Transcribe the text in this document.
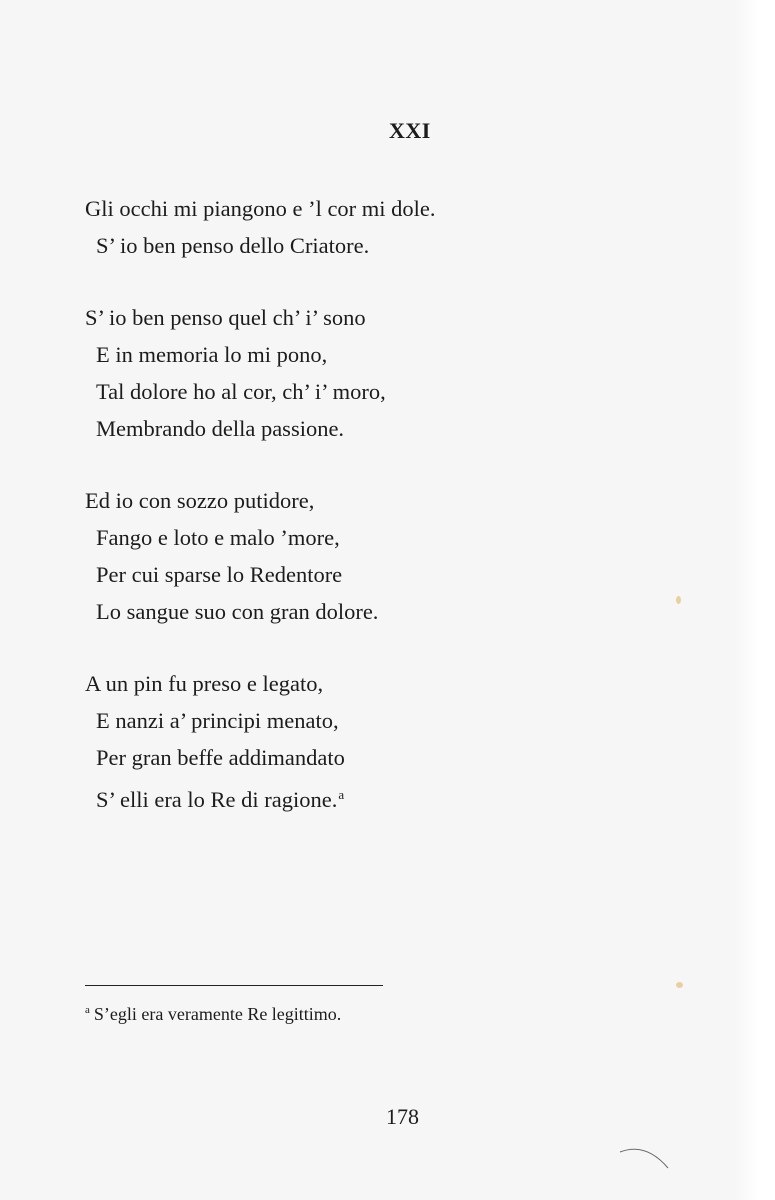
XXI
Gli occhi mi piangono e ’l cor mi dole.
S’ io ben penso dello Criatore.
S’ io ben penso quel ch’ i’ sono
E in memoria lo mi pono,
Tal dolore ho al cor, ch’ i’ moro,
Membrando della passione.
Ed io con sozzo putidore,
Fango e loto e malo ’more,
Per cui sparse lo Redentore
Lo sangue suo con gran dolore.
A un pin fu preso e legato,
E nanzi a’ principi menato,
Per gran beffe addimandato
S’ elli era lo Re di ragione.$^a$
$^a$ S’egli era veramente Re legittimo.
178
